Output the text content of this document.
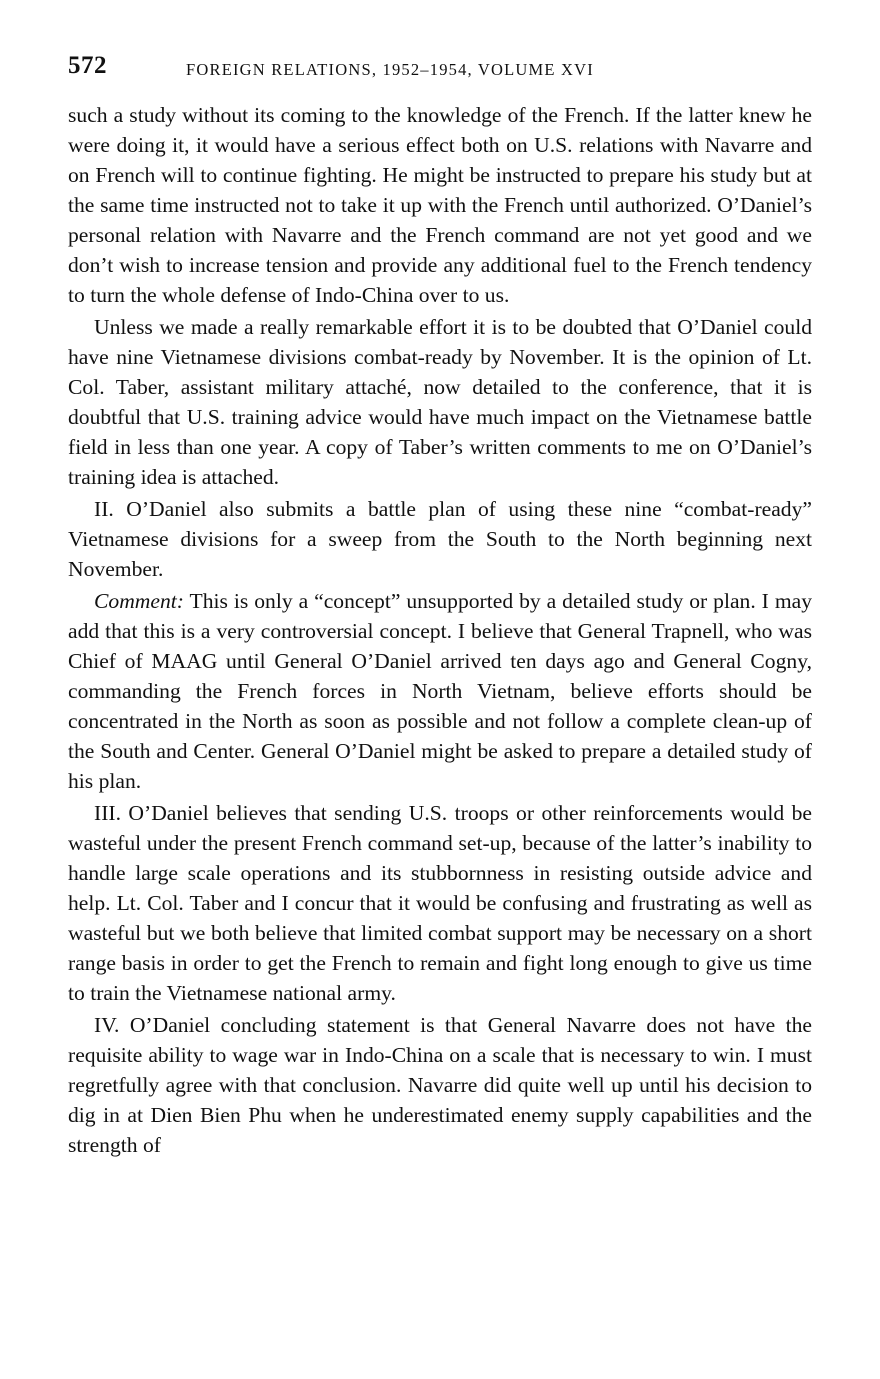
572	FOREIGN RELATIONS, 1952–1954, VOLUME XVI

such a study without its coming to the knowledge of the French. If the latter knew he were doing it, it would have a serious effect both on U.S. relations with Navarre and on French will to continue fighting. He might be instructed to prepare his study but at the same time instructed not to take it up with the French until authorized. O’Daniel’s personal relation with Navarre and the French command are not yet good and we don’t wish to increase tension and provide any additional fuel to the French tendency to turn the whole defense of Indo-China over to us.

Unless we made a really remarkable effort it is to be doubted that O’Daniel could have nine Vietnamese divisions combat-ready by November. It is the opinion of Lt. Col. Taber, assistant military attaché, now detailed to the conference, that it is doubtful that U.S. training advice would have much impact on the Vietnamese battle field in less than one year. A copy of Taber’s written comments to me on O’Daniel’s training idea is attached.

II. O’Daniel also submits a battle plan of using these nine “combat-ready” Vietnamese divisions for a sweep from the South to the North beginning next November.

Comment: This is only a “concept” unsupported by a detailed study or plan. I may add that this is a very controversial concept. I believe that General Trapnell, who was Chief of MAAG until General O’Daniel arrived ten days ago and General Cogny, commanding the French forces in North Vietnam, believe efforts should be concentrated in the North as soon as possible and not follow a complete clean-up of the South and Center. General O’Daniel might be asked to prepare a detailed study of his plan.

III. O’Daniel believes that sending U.S. troops or other reinforcements would be wasteful under the present French command set-up, because of the latter’s inability to handle large scale operations and its stubbornness in resisting outside advice and help. Lt. Col. Taber and I concur that it would be confusing and frustrating as well as wasteful but we both believe that limited combat support may be necessary on a short range basis in order to get the French to remain and fight long enough to give us time to train the Vietnamese national army.

IV. O’Daniel concluding statement is that General Navarre does not have the requisite ability to wage war in Indo-China on a scale that is necessary to win. I must regretfully agree with that conclusion. Navarre did quite well up until his decision to dig in at Dien Bien Phu when he underestimated enemy supply capabilities and the strength of
